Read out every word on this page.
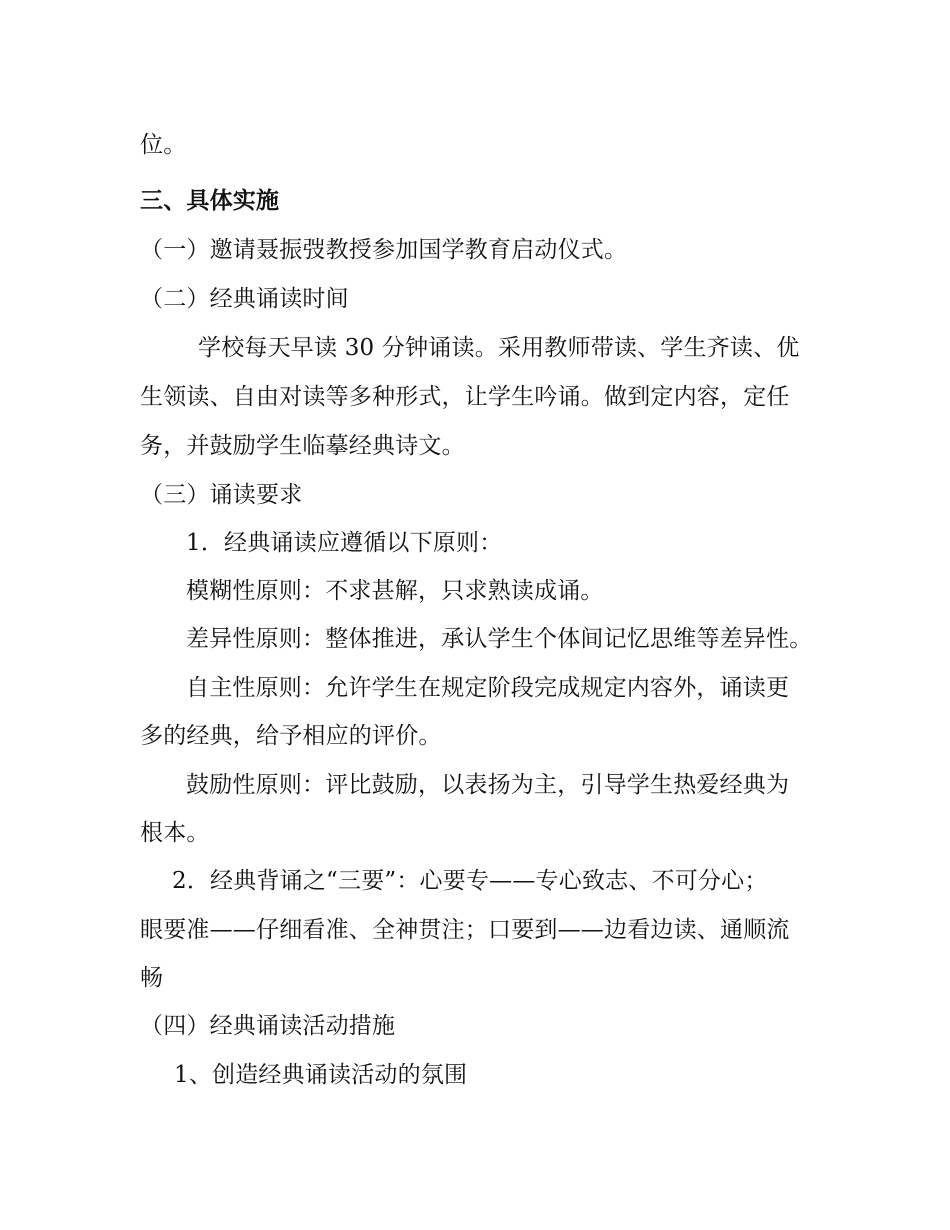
位。
三、具体实施
（一）邀请聂振弢教授参加国学教育启动仪式。
（二）经典诵读时间
学校每天早读 30 分钟诵读。采用教师带读、学生齐读、优
生领读、自由对读等多种形式，让学生吟诵。做到定内容，定任
务，并鼓励学生临摹经典诗文。
（三）诵读要求
1．经典诵读应遵循以下原则：
模糊性原则：不求甚解，只求熟读成诵。
差异性原则：整体推进，承认学生个体间记忆思维等差异性。
自主性原则：允许学生在规定阶段完成规定内容外，诵读更
多的经典，给予相应的评价。
鼓励性原则：评比鼓励，以表扬为主，引导学生热爱经典为
根本。
2．经典背诵之“三要”：心要专——专心致志、不可分心；
眼要准——仔细看准、全神贯注；口要到——边看边读、通顺流
畅
（四）经典诵读活动措施
1、创造经典诵读活动的氛围
